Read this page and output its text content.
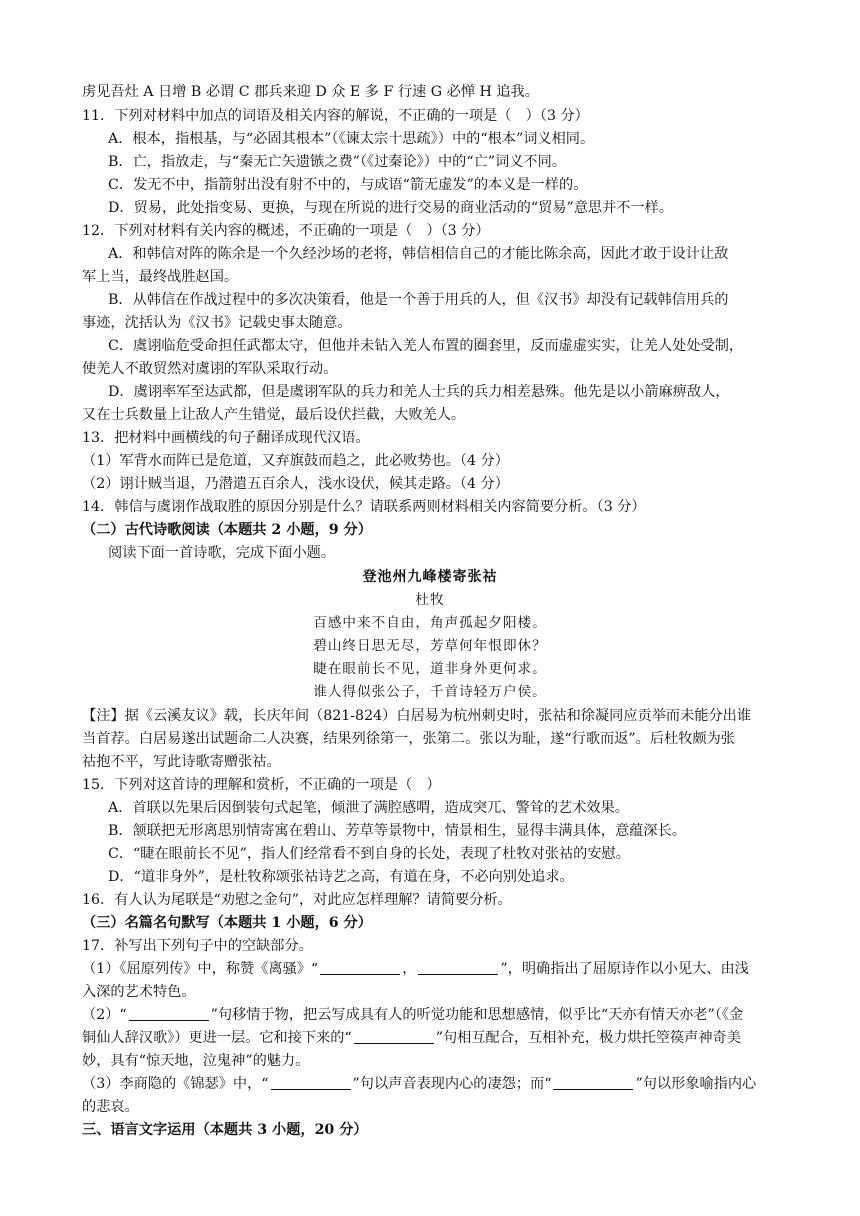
虏见吾灶 A 日增 B 必谓 C 郡兵来迎 D 众 E 多 F 行速 G 必惮 H 追我。
11．下列对材料中加点的词语及相关内容的解说，不正确的一项是（　）（3 分）
A．根本，指根基，与“必固其根本”（《谏太宗十思疏》）中的“根本”词义相同。
B．亡，指放走，与“秦无亡矢遗镞之费”（《过秦论》）中的“亡”词义不同。
C．发无不中，指箭射出没有射不中的，与成语“箭无虚发”的本义是一样的。
D．贸易，此处指变易、更换，与现在所说的进行交易的商业活动的“贸易”意思并不一样。
12．下列对材料有关内容的概述，不正确的一项是（　）（3 分）
A．和韩信对阵的陈余是一个久经沙场的老将，韩信相信自己的才能比陈余高，因此才敢于设计让敌
军上当，最终战胜赵国。
B．从韩信在作战过程中的多次决策看，他是一个善于用兵的人，但《汉书》却没有记载韩信用兵的
事迹，沈括认为《汉书》记载史事太随意。
C．虞诩临危受命担任武都太守，但他并未钻入羌人布置的圈套里，反而虚虚实实，让羌人处处受制，
使羌人不敢贸然对虞诩的军队采取行动。
D．虞诩率军至达武都，但是虞诩军队的兵力和羌人士兵的兵力相差悬殊。他先是以小箭麻痹敌人，
又在士兵数量上让敌人产生错觉，最后设伏拦截，大败羌人。
13．把材料中画横线的句子翻译成现代汉语。
（1）军背水而阵已是危道，又弃旗鼓而趋之，此必败势也。（4 分）
（2）诩计贼当退，乃潜遣五百余人，浅水设伏，候其走路。（4 分）
14．韩信与虞诩作战取胜的原因分别是什么？请联系两则材料相关内容简要分析。（3 分）
（二）古代诗歌阅读（本题共 2 小题，9 分）
阅读下面一首诗歌，完成下面小题。
登池州九峰楼寄张祜
杜牧
百感中来不自由，角声孤起夕阳楼。
碧山终日思无尽，芳草何年恨即休？
睫在眼前长不见，道非身外更何求。
谁人得似张公子，千首诗轻万户侯。
【注】据《云溪友议》载，长庆年间（821-824）白居易为杭州刺史时，张祜和徐凝同应贡举而未能分出谁
当首荐。白居易遂出试题命二人决赛，结果列徐第一，张第二。张以为耻，遂“行歌而返”。后杜牧颇为张
祜抱不平，写此诗歌寄赠张祜。
15．下列对这首诗的理解和赏析，不正确的一项是（　）
A．首联以先果后因倒装句式起笔，倾泄了满腔感喟，造成突兀、警耸的艺术效果。
B．颔联把无形离思别情寄寓在碧山、芳草等景物中，情景相生，显得丰满具体，意蕴深长。
C．“睫在眼前长不见”，指人们经常看不到自身的长处，表现了杜牧对张祜的安慰。
D．“道非身外”，是杜牧称颂张祜诗艺之高，有道在身，不必向别处追求。
16．有人认为尾联是“劝慰之金句”，对此应怎样理解？请简要分析。
（三）名篇名句默写（本题共 1 小题，6 分）
17．补写出下列句子中的空缺部分。
（1）《屈原列传》中，称赞《离骚》“	，	”，明确指出了屈原诗作以小见大、由浅
入深的艺术特色。
（2）“	”句移情于物，把云写成具有人的听觉功能和思想感情，似乎比“天亦有情天亦老”（《金
铜仙人辞汉歌》）更进一层。它和接下来的“	”句相互配合，互相补充，极力烘托箜篌声神奇美
妙，具有“惊天地，泣鬼神”的魅力。
（3）李商隐的《锦瑟》中，“	”句以声音表现内心的凄怨；而“	”句以形象喻指内心
的悲哀。
三、语言文字运用（本题共 3 小题，20 分）
